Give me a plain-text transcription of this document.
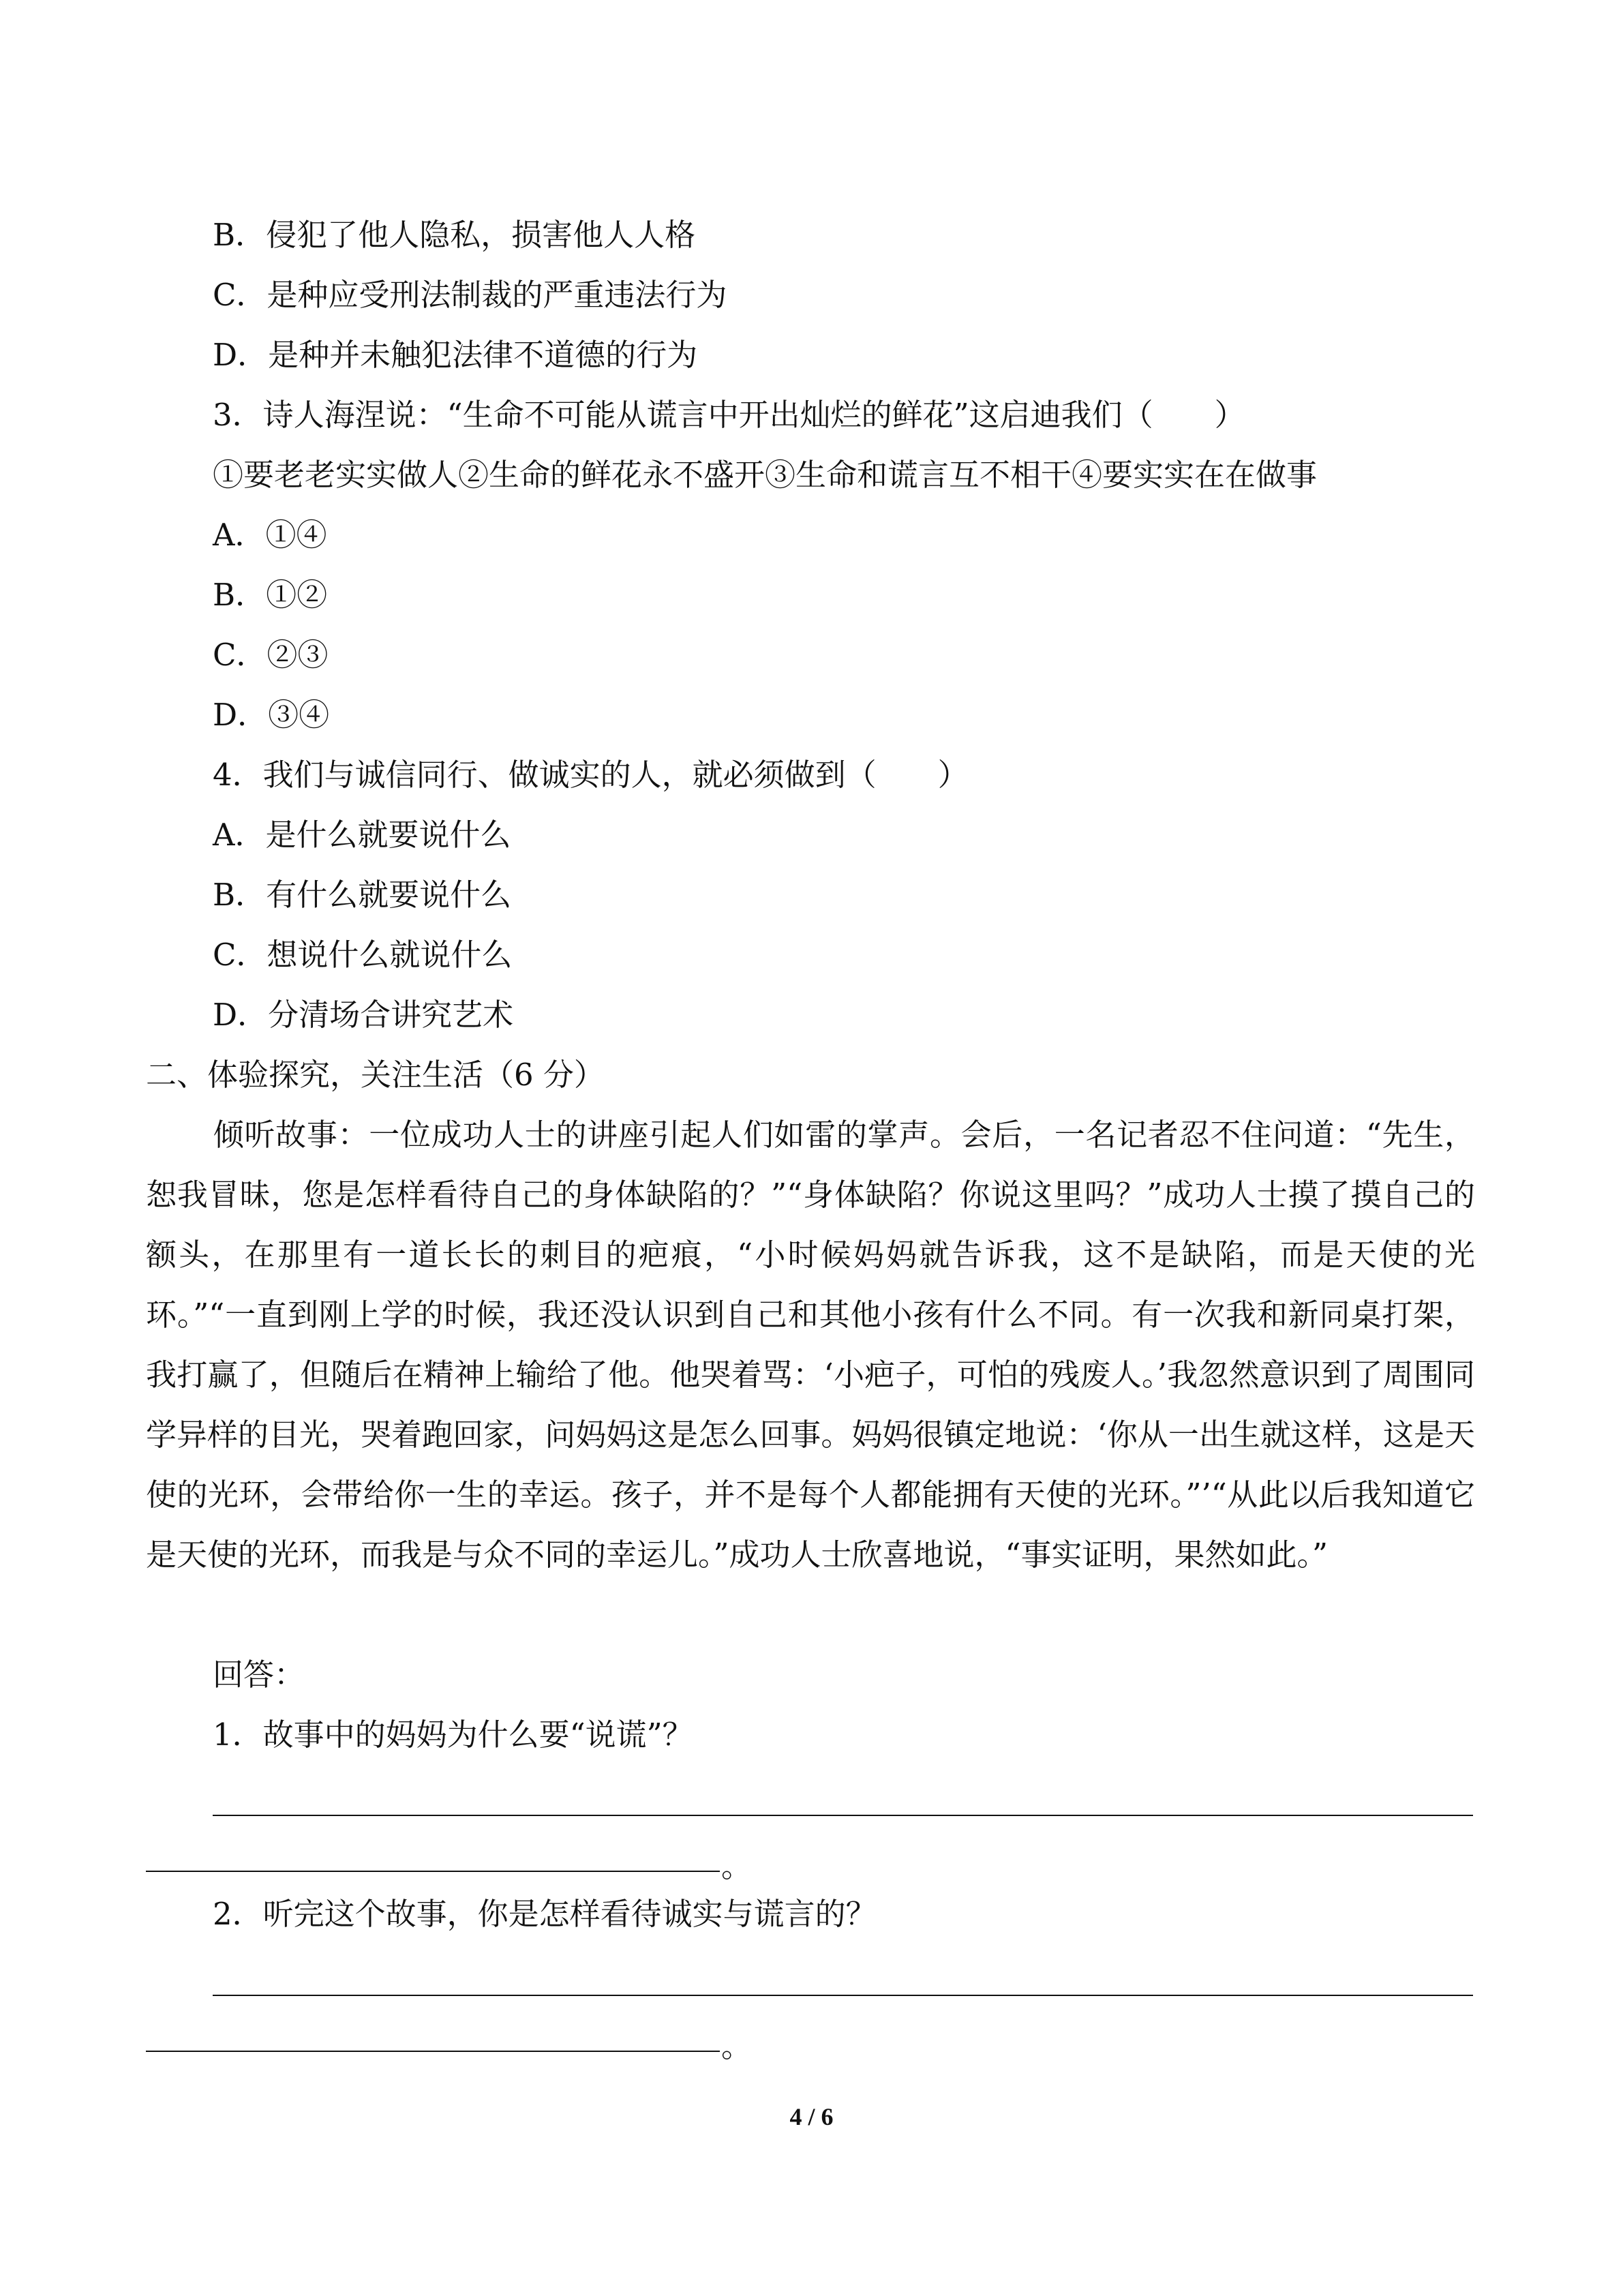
B．侵犯了他人隐私，损害他人人格
C．是种应受刑法制裁的严重违法行为
D．是种并未触犯法律不道德的行为
3．诗人海涅说：“生命不可能从谎言中开出灿烂的鲜花”这启迪我们（　　）
①要老老实实做人②生命的鲜花永不盛开③生命和谎言互不相干④要实实在在做事
A．①④
B．①②
C．②③
D．③④
4．我们与诚信同行、做诚实的人，就必须做到（　　）
A．是什么就要说什么
B．有什么就要说什么
C．想说什么就说什么
D．分清场合讲究艺术
二、体验探究，关注生活（6 分）
倾听故事：一位成功人士的讲座引起人们如雷的掌声。会后，一名记者忍不住问道：“先生，恕我冒昧，您是怎样看待自己的身体缺陷的？”“身体缺陷？你说这里吗？”成功人士摸了摸自己的额头，在那里有一道长长的刺目的疤痕，“小时候妈妈就告诉我，这不是缺陷，而是天使的光环。”“一直到刚上学的时候，我还没认识到自己和其他小孩有什么不同。有一次我和新同桌打架，我打赢了，但随后在精神上输给了他。他哭着骂：‘小疤子，可怕的残废人。’我忽然意识到了周围同学异样的目光，哭着跑回家，问妈妈这是怎么回事。妈妈很镇定地说：‘你从一出生就这样，这是天使的光环，会带给你一生的幸运。孩子，并不是每个人都能拥有天使的光环。”’“从此以后我知道它是天使的光环，而我是与众不同的幸运儿。”成功人士欣喜地说，“事实证明，果然如此。”
回答：
1．故事中的妈妈为什么要“说谎”？
。
2．听完这个故事，你是怎样看待诚实与谎言的？
。
4 / 6
